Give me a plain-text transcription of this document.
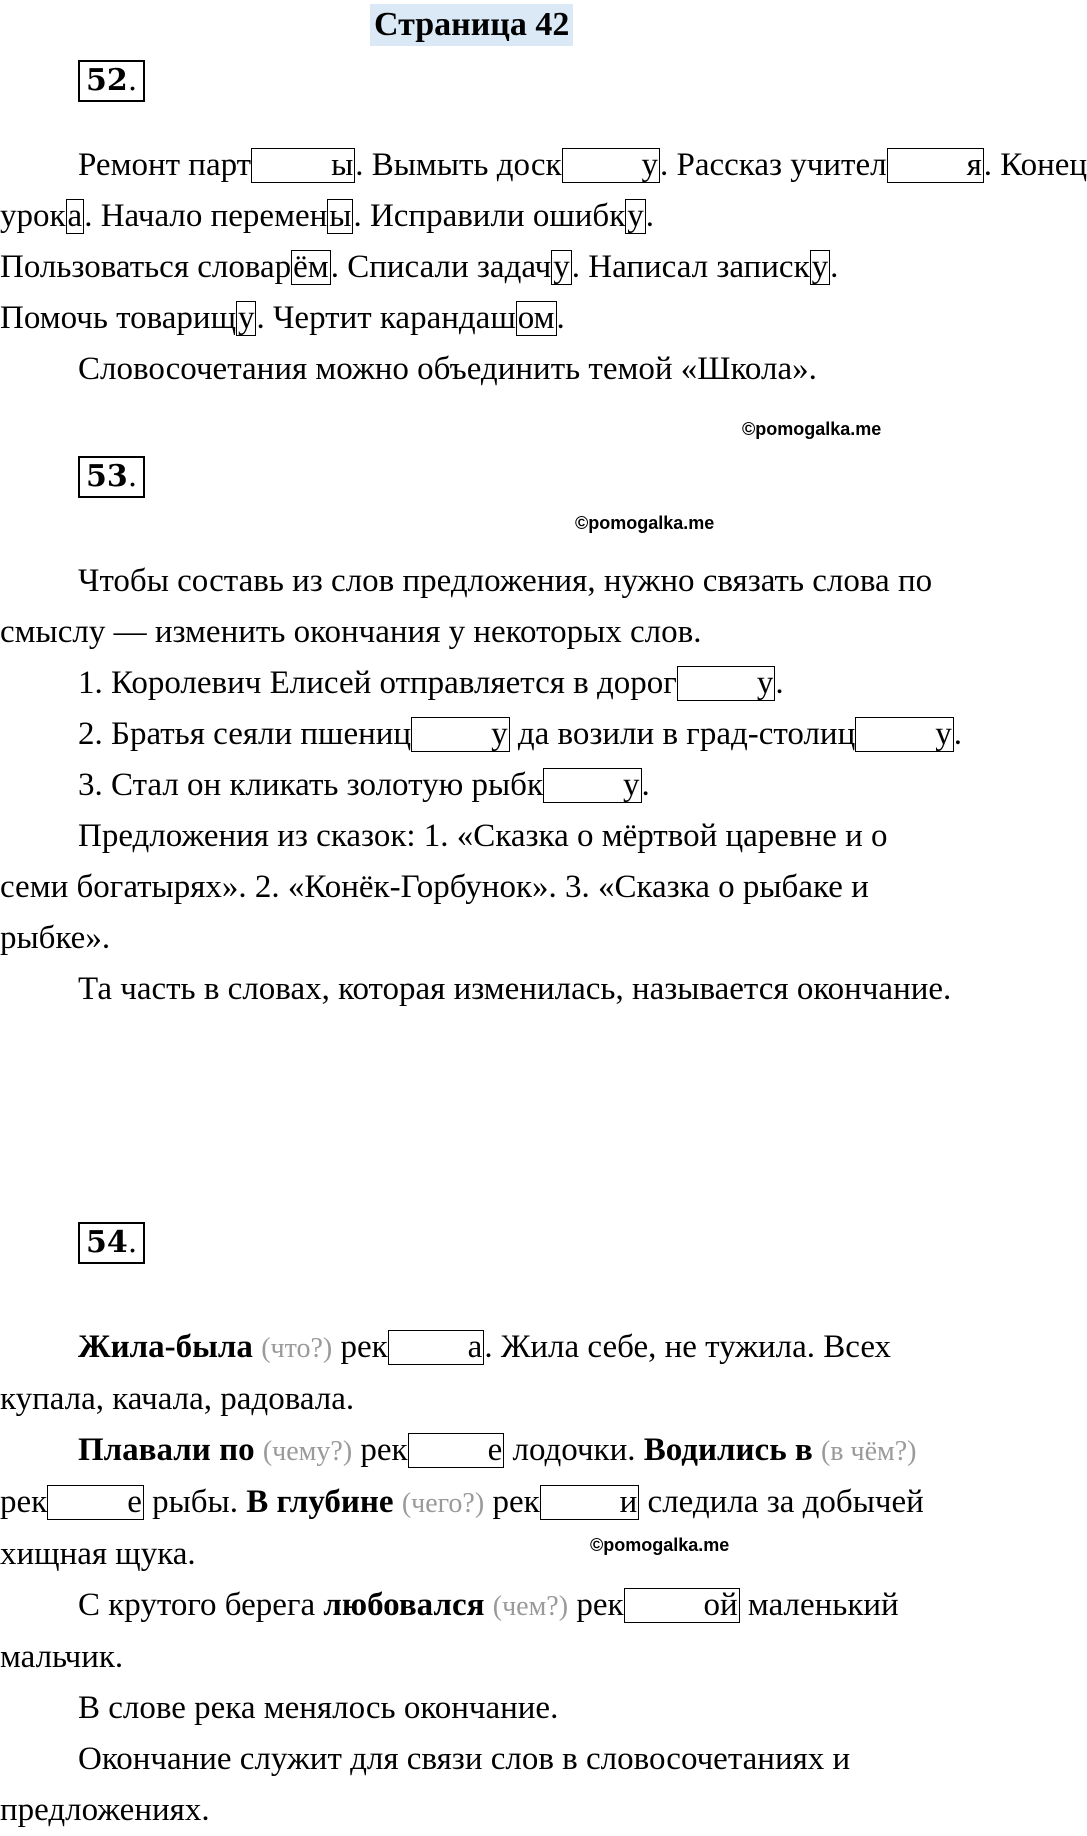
Страница 42
52.

Ремонт парт ы. Вымыть доск у. Рассказ учител я. Конец

урока. Начало перемены. Исправили ошибку.

Пользоваться словарём. Списали задачу. Написал записку.

Помочь товарищу. Чертит карандашом.

Словосочетания можно объединить темой «Школа».

©pomogalka.me
53.
©pomogalka.me

Чтобы составь из слов предложения, нужно связать слова по смыслу — изменить окончания у некоторых слов.

1. Королевич Елисей отправляется в дорог у.

2. Братья сеяли пшениц у да возили в град-столиц у.

3. Стал он кликать золотую рыбк у.

Предложения из сказок: 1. «Сказка о мёртвой царевне и о семи богатырях». 2. «Конёк-Горбунок». 3. «Сказка о рыбаке и рыбке».

Та часть в словах, которая изменилась, называется окончание.

54.

Жила-была (что?) рек а. Жила себе, не тужила. Всех купала, качала, радовала.

Плавали по (чему?) рек е лодочки. Водились в (в чём?) рек е рыбы. В глубине (чего?) рек и следила за добычей хищная щука.

С крутого берега любовался (чем?) рек ой маленький мальчик.

В слове река менялось окончание.

Окончание служит для связи слов в словосочетаниях и предложениях.

©pomogalka.me
